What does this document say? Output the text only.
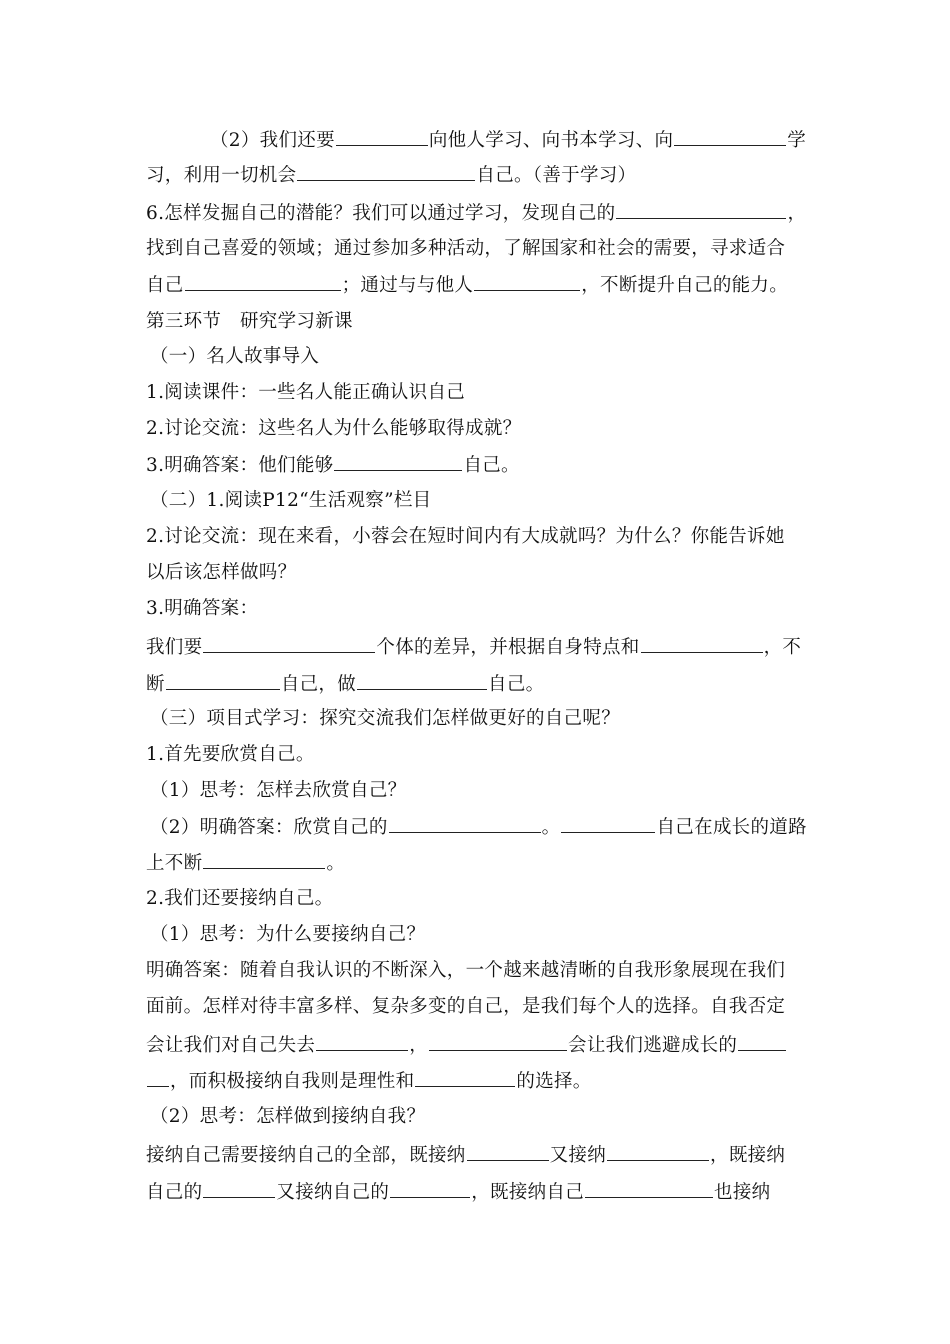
（2）我们还要	向他人学习、向书本学习、向	学
习，利用一切机会	自己。（善于学习）
6.怎样发掘自己的潜能？我们可以通过学习，发现自己的	，
找到自己喜爱的领域；通过参加多种活动，了解国家和社会的需要，寻求适合
自己	；通过与与他人	，不断提升自己的能力。
第三环节　研究学习新课
（一）名人故事导入
1.阅读课件：一些名人能正确认识自己
2.讨论交流：这些名人为什么能够取得成就？
3.明确答案：他们能够	自己。
（二）1.阅读P12“生活观察”栏目
2.讨论交流：现在来看，小蓉会在短时间内有大成就吗？为什么？你能告诉她
以后该怎样做吗？
3.明确答案：
我们要	个体的差异，并根据自身特点和	，不
断	自己，做	自己。
（三）项目式学习：探究交流我们怎样做更好的自己呢？
1.首先要欣赏自己。
（1）思考：怎样去欣赏自己？
（2）明确答案：欣赏自己的	。	自己在成长的道路
上不断	。
2.我们还要接纳自己。
（1）思考：为什么要接纳自己？
明确答案：随着自我认识的不断深入，一个越来越清晰的自我形象展现在我们
面前。怎样对待丰富多样、复杂多变的自己，是我们每个人的选择。自我否定
会让我们对自己失去	，	会让我们逃避成长的
，而积极接纳自我则是理性和	的选择。
（2）思考：怎样做到接纳自我？
接纳自己需要接纳自己的全部，既接纳	又接纳	，既接纳
自己的	又接纳自己的	，既接纳自己	也接纳
